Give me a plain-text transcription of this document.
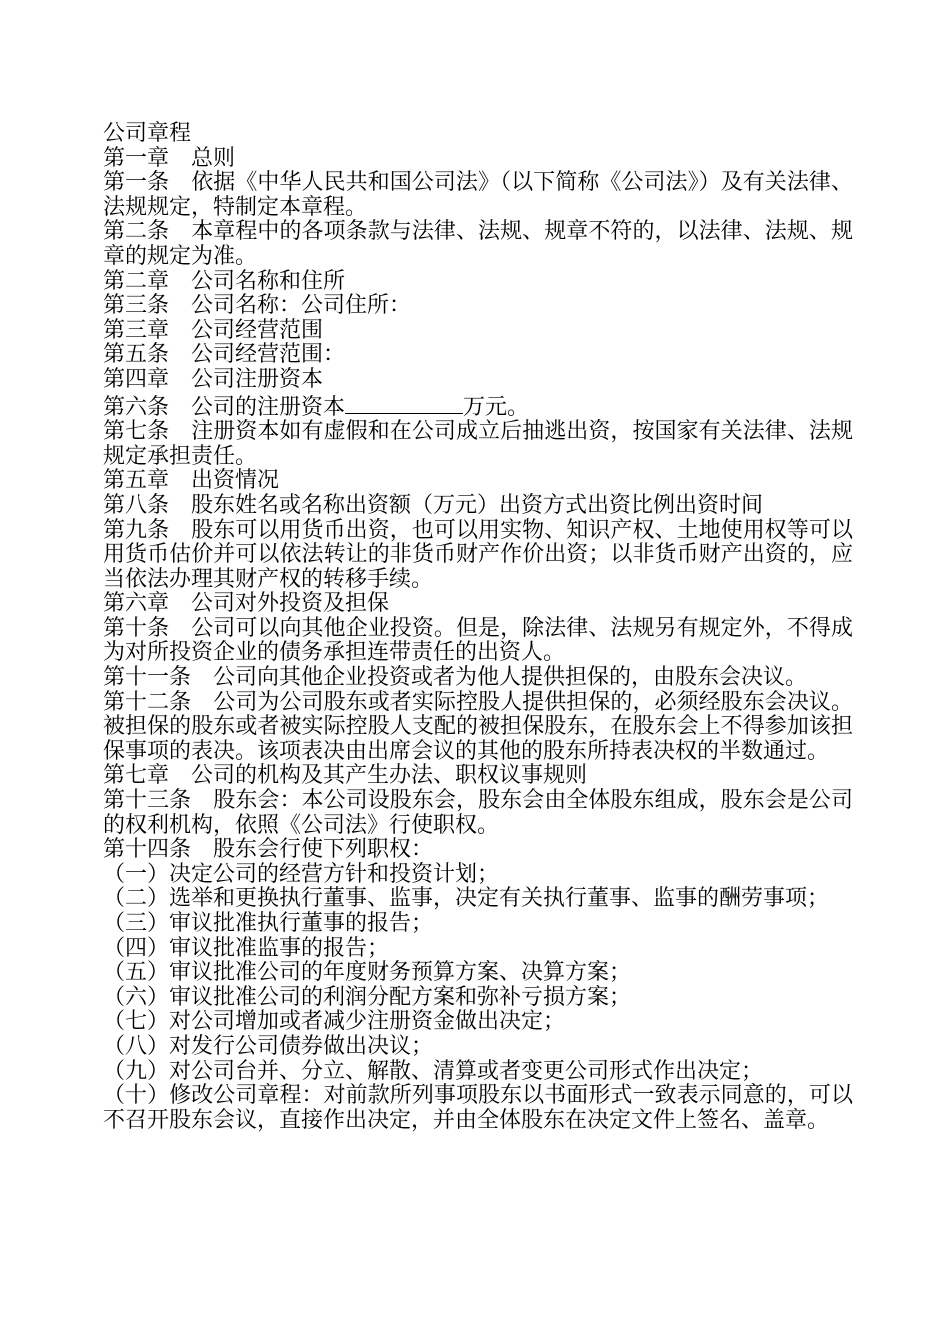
公司章程

第一章　总则

第一条　依据《中华人民共和国公司法》（以下简称《公司法》）及有关法律、法规规定，特制定本章程。

第二条　本章程中的各项条款与法律、法规、规章不符的，以法律、法规、规章的规定为准。

第二章　公司名称和住所

第三条　公司名称：公司住所：

第三章　公司经营范围

第五条　公司经营范围：

第四章　公司注册资本

第六条　公司的注册资本	万元。

第七条　注册资本如有虚假和在公司成立后抽逃出资，按国家有关法律、法规规定承担责任。

第五章　出资情况

第八条　股东姓名或名称出资额（万元）出资方式出资比例出资时间

第九条　股东可以用货币出资，也可以用实物、知识产权、土地使用权等可以用货币估价并可以依法转让的非货币财产作价出资；以非货币财产出资的，应当依法办理其财产权的转移手续。

第六章　公司对外投资及担保

第十条　公司可以向其他企业投资。但是，除法律、法规另有规定外，不得成为对所投资企业的债务承担连带责任的出资人。

第十一条　公司向其他企业投资或者为他人提供担保的，由股东会决议。

第十二条　公司为公司股东或者实际控股人提供担保的，必须经股东会决议。被担保的股东或者被实际控股人支配的被担保股东，在股东会上不得参加该担保事项的表决。该项表决由出席会议的其他的股东所持表决权的半数通过。

第七章　公司的机构及其产生办法、职权议事规则

第十三条　股东会：本公司设股东会，股东会由全体股东组成，股东会是公司的权利机构，依照《公司法》行使职权。

第十四条　股东会行使下列职权：

（一）决定公司的经营方针和投资计划；

（二）选举和更换执行董事、监事，决定有关执行董事、监事的酬劳事项；

（三）审议批准执行董事的报告；

（四）审议批准监事的报告；

（五）审议批准公司的年度财务预算方案、决算方案；

（六）审议批准公司的利润分配方案和弥补亏损方案；

（七）对公司增加或者减少注册资金做出决定；

（八）对发行公司债券做出决议；

（九）对公司台并、分立、解散、清算或者变更公司形式作出决定；

（十）修改公司章程：对前款所列事项股东以书面形式一致表示同意的，可以不召开股东会议，直接作出决定，并由全体股东在决定文件上签名、盖章。
